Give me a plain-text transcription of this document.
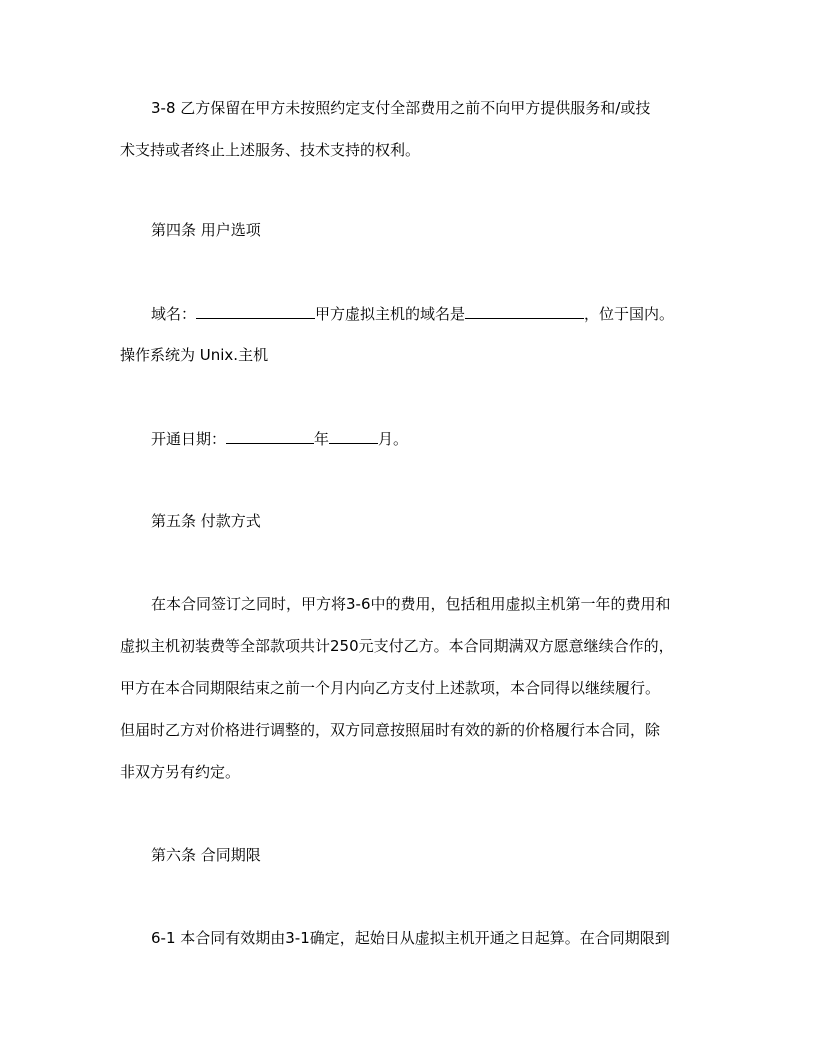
3-8 乙方保留在甲方未按照约定支付全部费用之前不向甲方提供服务和/或技
术支持或者终止上述服务、技术支持的权利。
第四条 用户选项
域名：	甲方虚拟主机的域名是	，位于国内。
操作系统为 Unix.主机
开通日期：	年	月。
第五条 付款方式
在本合同签订之同时，甲方将3-6中的费用，包括租用虚拟主机第一年的费用和
虚拟主机初装费等全部款项共计250元支付乙方。本合同期满双方愿意继续合作的，
甲方在本合同期限结束之前一个月内向乙方支付上述款项，本合同得以继续履行。
但届时乙方对价格进行调整的，双方同意按照届时有效的新的价格履行本合同，除
非双方另有约定。
第六条 合同期限
6-1 本合同有效期由3-1确定，起始日从虚拟主机开通之日起算。在合同期限到
